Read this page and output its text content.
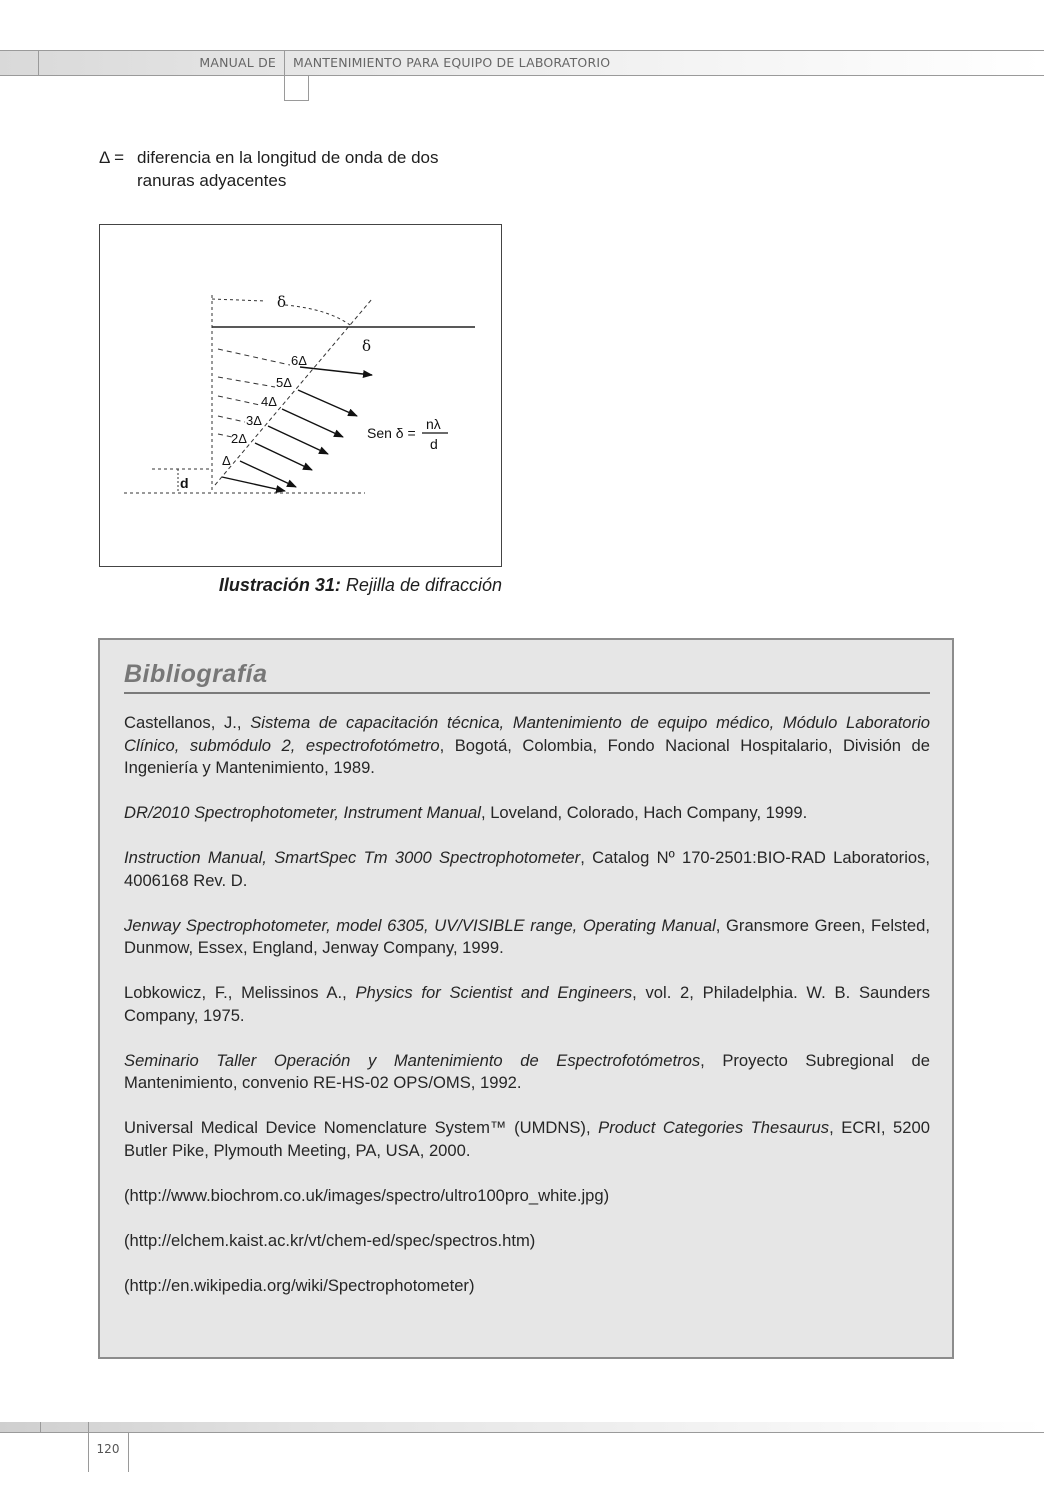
MANUAL DE MANTENIMIENTO PARA EQUIPO DE LABORATORIO
Δ = diferencia en la longitud de onda de dos
ranuras adyacentes
δ
δ
6Δ
5Δ
4Δ
3Δ
2Δ
Δ
d
Sen δ =
nλ
d
Ilustración 31: Rejilla de difracción
Bibliografía

Castellanos, J., Sistema de capacitación técnica, Mantenimiento de equipo médico, Módulo Laboratorio Clínico, submódulo 2, espectrofotómetro, Bogotá, Colombia, Fondo Nacional Hospitalario, División de Ingeniería y Mantenimiento, 1989.

DR/2010 Spectrophotometer, Instrument Manual, Loveland, Colorado, Hach Company, 1999.

Instruction Manual, SmartSpec Tm 3000 Spectrophotometer, Catalog Nº 170-2501:BIO-RAD Laboratorios, 4006168 Rev. D.

Jenway Spectrophotometer, model 6305, UV/VISIBLE range, Operating Manual, Gransmore Green, Felsted, Dunmow, Essex, England, Jenway Company, 1999.

Lobkowicz, F., Melissinos A., Physics for Scientist and Engineers, vol. 2, Philadelphia. W. B. Saunders Company, 1975.

Seminario Taller Operación y Mantenimiento de Espectrofotómetros, Proyecto Subregional de Mantenimiento, convenio RE-HS-02 OPS/OMS, 1992.

Universal Medical Device Nomenclature System™ (UMDNS), Product Categories Thesaurus, ECRI, 5200 Butler Pike, Plymouth Meeting, PA, USA, 2000.

(http://www.biochrom.co.uk/images/spectro/ultro100pro_white.jpg)

(http://elchem.kaist.ac.kr/vt/chem-ed/spec/spectros.htm)

(http://en.wikipedia.org/wiki/Spectrophotometer)

120
